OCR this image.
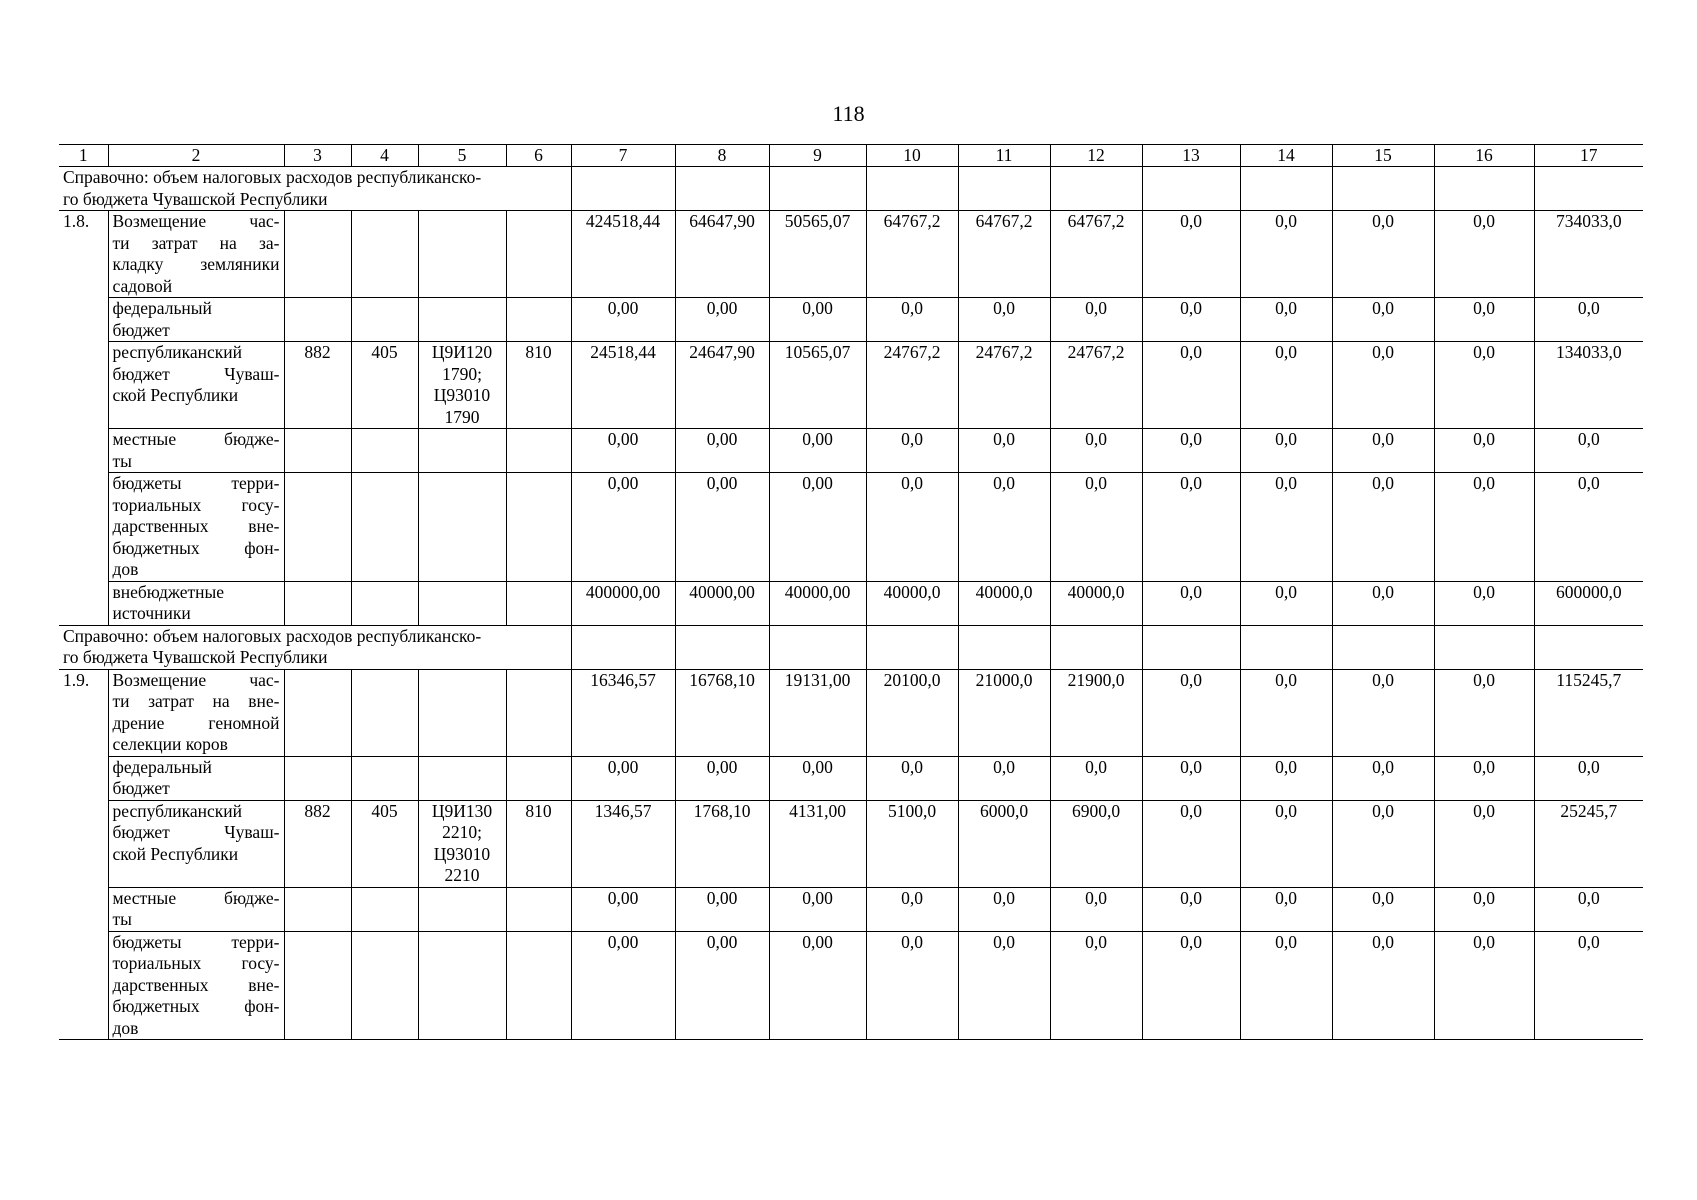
118
1	2	3	4	5	6	7	8	9	10	11	12	13	14	15	16	17

Справочно: объем налоговых расходов республиканско-
го бюджета Чувашской Республики																

1.8.	Возмещение час-
ти затрат на за-
кладку земляники
садовой					424518,44	64647,90	50565,07	64767,2	64767,2	64767,2	0,0	0,0	0,0	0,0	734033,0

	федеральный
бюджет					0,00	0,00	0,00	0,0	0,0	0,0	0,0	0,0	0,0	0,0	0,0

	республиканский
бюджет Чуваш-
ской Республики	882	405	Ц9И120
1790;
Ц93010
1790	810	24518,44	24647,90	10565,07	24767,2	24767,2	24767,2	0,0	0,0	0,0	0,0	134033,0

	местные бюдже-
ты					0,00	0,00	0,00	0,0	0,0	0,0	0,0	0,0	0,0	0,0	0,0

	бюджеты терри-
ториальных госу-
дарственных вне-
бюджетных фон-
дов					0,00	0,00	0,00	0,0	0,0	0,0	0,0	0,0	0,0	0,0	0,0

	внебюджетные
источники					400000,00	40000,00	40000,00	40000,0	40000,0	40000,0	0,0	0,0	0,0	0,0	600000,0

Справочно: объем налоговых расходов республиканско-
го бюджета Чувашской Республики																

1.9.	Возмещение час-
ти затрат на вне-
дрение геномной
селекции коров					16346,57	16768,10	19131,00	20100,0	21000,0	21900,0	0,0	0,0	0,0	0,0	115245,7

	федеральный
бюджет					0,00	0,00	0,00	0,0	0,0	0,0	0,0	0,0	0,0	0,0	0,0

	республиканский
бюджет Чуваш-
ской Республики	882	405	Ц9И130
2210;
Ц93010
2210	810	1346,57	1768,10	4131,00	5100,0	6000,0	6900,0	0,0	0,0	0,0	0,0	25245,7

	местные бюдже-
ты					0,00	0,00	0,00	0,0	0,0	0,0	0,0	0,0	0,0	0,0	0,0

	бюджеты терри-
ториальных госу-
дарственных вне-
бюджетных фон-
дов					0,00	0,00	0,00	0,0	0,0	0,0	0,0	0,0	0,0	0,0	0,0
